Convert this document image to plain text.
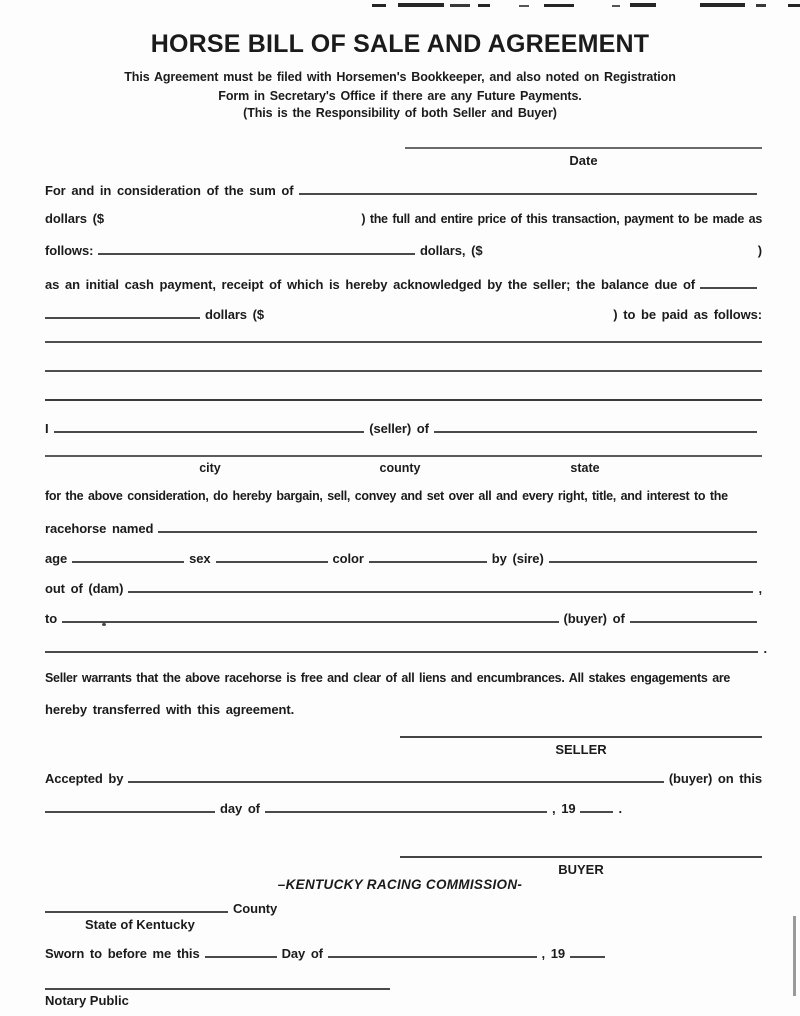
HORSE BILL OF SALE AND AGREEMENT
This Agreement must be filed with Horsemen's Bookkeeper, and also noted on Registration
Form in Secretary's Office if there are any Future Payments.
(This is the Responsibility of both Seller and Buyer)
Date
For and in consideration of the sum of
dollars ($	) the full and entire price of this transaction, payment to be made as
follows:	dollars, ($	)
as an initial cash payment, receipt of which is hereby acknowledged by the seller; the balance due of
dollars ($	) to be paid as follows:
I	(seller) of
city	county	state
for the above consideration, do hereby bargain, sell, convey and set over all and every right, title, and interest to the
racehorse named
age	sex	color	by (sire)
out of (dam)	,
to	(buyer) of
.
Seller warrants that the above racehorse is free and clear of all liens and encumbrances. All stakes engagements are
hereby transferred with this agreement.
SELLER
Accepted by	(buyer) on this
day of	, 19	.
BUYER
–KENTUCKY RACING COMMISSION-
County
State of Kentucky
Sworn to before me this	Day of	, 19
Notary Public
